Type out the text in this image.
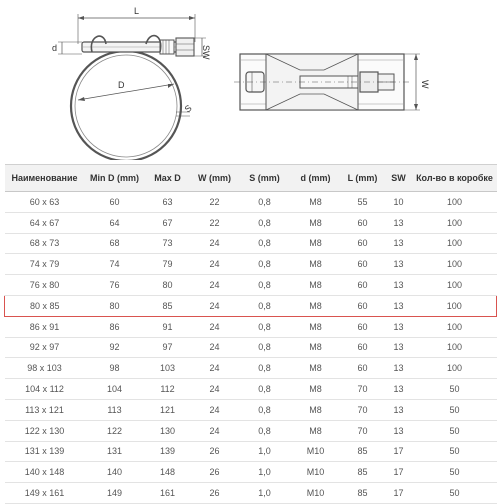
L
d	SW
D
S
W
Наименование	Min D (mm)	Max D	W (mm)	S (mm)	d (mm)	L (mm)	SW	Кол-во в коробке
60 x 63	60	63	22	0,8	M8	55	10	100
64 x 67	64	67	22	0,8	M8	60	13	100
68 x 73	68	73	24	0,8	M8	60	13	100
74 x 79	74	79	24	0,8	M8	60	13	100
76 x 80	76	80	24	0,8	M8	60	13	100
80 x 85	80	85	24	0,8	M8	60	13	100
86 x 91	86	91	24	0,8	M8	60	13	100
92 x 97	92	97	24	0,8	M8	60	13	100
98 x 103	98	103	24	0,8	M8	60	13	100
104 x 112	104	112	24	0,8	M8	70	13	50
113 x 121	113	121	24	0,8	M8	70	13	50
122 x 130	122	130	24	0,8	M8	70	13	50
131 x 139	131	139	26	1,0	M10	85	17	50
140 x 148	140	148	26	1,0	M10	85	17	50
149 x 161	149	161	26	1,0	M10	85	17	50
